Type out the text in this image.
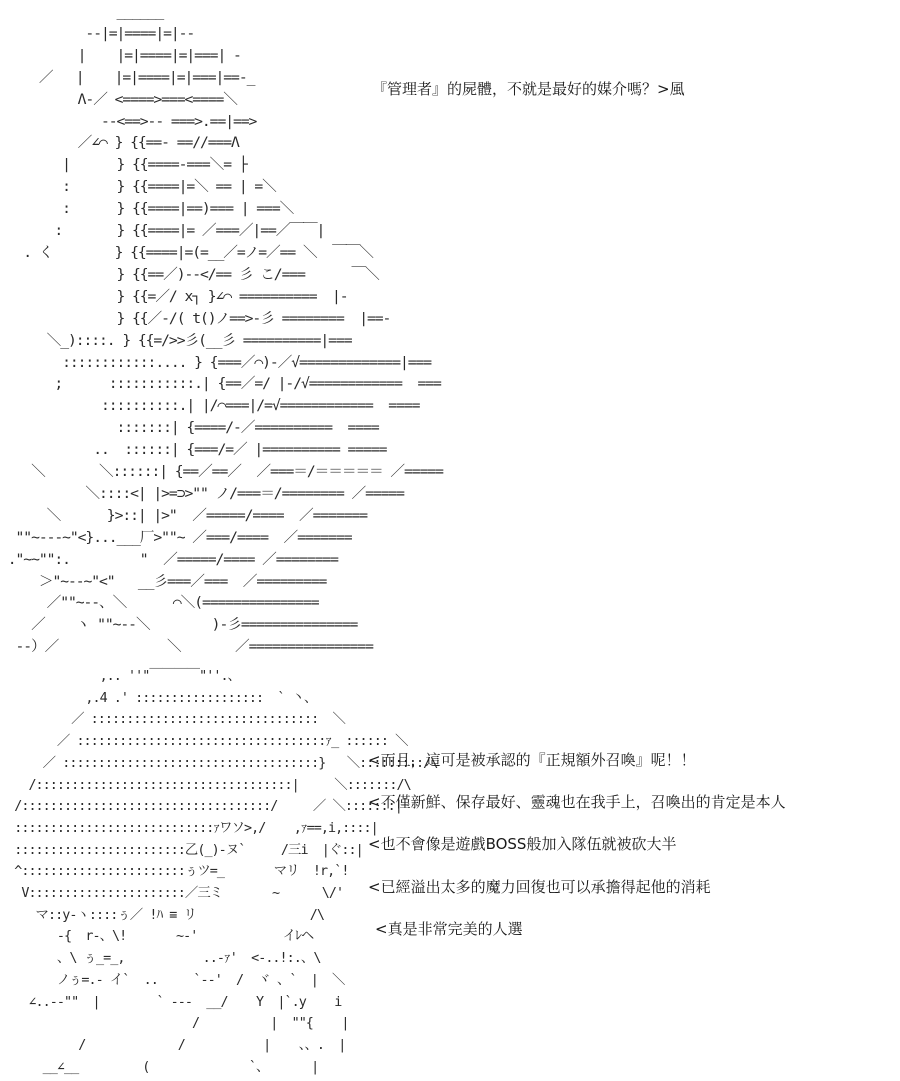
______
--|=|====|=|--
|    |=|====|=|===| -
／   |    |=|====|=|===|==-_
Λ-／ <====>===<====＼
--<==>-- ===>.==|==>
／∠⌒ } {{==- ==//===Λ
|      } {{====-===＼= ├
:      } {{====|=＼ == | =＼
:      } {{====|==)=== | ===＼
:       } {{====|= ／===／|==／￣￣|
. く        } {{====|=(=__／=ノ=／== ＼  ￣￣＼
} {{==／)--</== 彡 こ/===      ￣＼
} {{=／/ x┐ }∠⌒ ==========  |-
} {{／-/( t()ノ==>-彡 ========  |==-
＼_)::::. } {{=/>>彡(__彡 ==========|===
::::::::::::.... } {===／⌒)-／√=============|===
;      :::::::::::.| {==／=/ |-/√============  ===
::::::::::.| |/⌒===|/=√============  ====
:::::::| {====/-／==========  ====
..  ::::::| {===/=／ |========== =====
＼       ＼::::::| {==／==／  ／===＝/＝＝＝＝＝ ／=====
＼::::<| |>=⊃>"" ノ/===＝/======== ／=====
＼      }>::| |>"  ／=====/====  ／=======
""~---~"<}...___厂>""~ ／===/====  ／=======
."~~"":.         "  ／=====/==== ／========
＞"~--~"<"   __彡===／===  ／=========
／""~--、＼      ⌒＼(===============
／    ヽ ""~--＼        )-彡===============
--）／              ＼       ／================
,.. ''"￣￣￣￣"''.、
,.4 .' ::::::::::::::::::  ` 丶、
／ ::::::::::::::::::::::::::::::::  ＼
／ :::::::::::::::::::::::::::::::::::ｧ_ :::::: ＼
／ ::::::::::::::::::::::::::::::::::::}   ＼:::::::::/\
/::::::::::::::::::::::::::::::::::::|     ＼:::::::/\
/:::::::::::::::::::::::::::::::::::/     ／ ＼:::::::|
::::::::::::::::::::::::::::ｧワソ>,/    ,ｧ==,i,::::|
::::::::::::::::::::::::乙(_)-ヌ`     /三i  |ぐ::|
^:::::::::::::::::::::::ぅツ=_       マリ  !r,`!
V::::::::::::::::::::::／三ミ       ~      \/'
マ::y-ヽ::::ぅ／ !ﾊ ≡ リ                /\
-{  r-、\!       ~-'            イﾚヘ
、\ ぅ_=_,           ..-ｧ'  <-..!:.、\
ノぅ=.- イ`  ..     `--'  /  ヾ 、`  |  ＼
∠..--""  |        ` ---  __/    Y  |`.y    i
/          |  ""{    |
/             /           |    、、.  |
__∠__         (              `、      |
『管理者』的屍體，不就是最好的媒介嗎？>風
<而且，這可是被承認的『正規額外召喚』呢！！
<不僅新鮮、保存最好、靈魂也在我手上，召喚出的肯定是本人
<也不會像是遊戲BOSS般加入隊伍就被砍大半
<已經溢出太多的魔力回復也可以承擔得起他的消耗
<真是非常完美的人選
